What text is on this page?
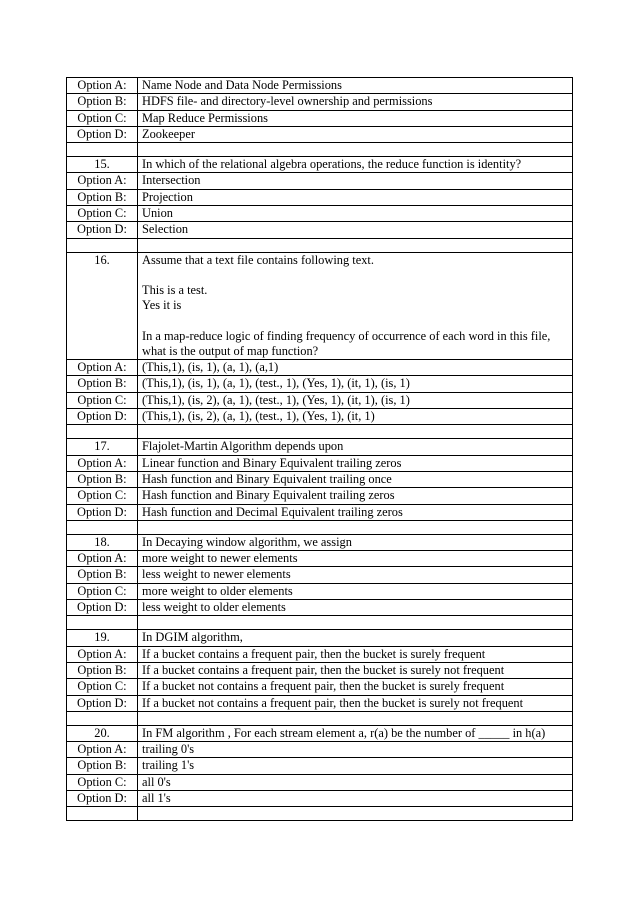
Option A:	Name Node and Data Node Permissions
Option B:	HDFS file- and directory-level ownership and permissions
Option C:	Map Reduce Permissions
Option D:	Zookeeper

15.	In which of the relational algebra operations, the reduce function is identity?
Option A:	Intersection
Option B:	Projection
Option C:	Union
Option D:	Selection

16.	Assume that a text file contains following text.
This is a test.
Yes it is
In a map-reduce logic of finding frequency of occurrence of each word in this file, what is the output of map function?

Option A:	(This,1), (is, 1), (a, 1), (a,1)
Option B:	(This,1), (is, 1), (a, 1), (test., 1), (Yes, 1), (it, 1), (is, 1)
Option C:	(This,1), (is, 2), (a, 1), (test., 1), (Yes, 1), (it, 1), (is, 1)
Option D:	(This,1), (is, 2), (a, 1), (test., 1), (Yes, 1), (it, 1)

17.	Flajolet-Martin Algorithm depends upon
Option A:	Linear function and Binary Equivalent trailing zeros
Option B:	Hash function and Binary Equivalent trailing once
Option C:	Hash function and Binary Equivalent trailing zeros
Option D:	Hash function and Decimal Equivalent trailing zeros

18.	In Decaying window algorithm, we assign
Option A:	more weight to newer elements
Option B:	less weight to newer elements
Option C:	more weight to older elements
Option D:	less weight to older elements

19.	In DGIM algorithm,
Option A:	If a bucket contains a frequent pair, then the bucket is surely frequent
Option B:	If a bucket contains a frequent pair, then the bucket is surely not frequent
Option C:	If a bucket not contains a frequent pair, then the bucket is surely frequent
Option D:	If a bucket not contains a frequent pair, then the bucket is surely not frequent

20.	In FM algorithm , For each stream element a, r(a) be the number of _____ in h(a)
Option A:	trailing 0's
Option B:	trailing 1's
Option C:	all 0's
Option D:	all 1's
